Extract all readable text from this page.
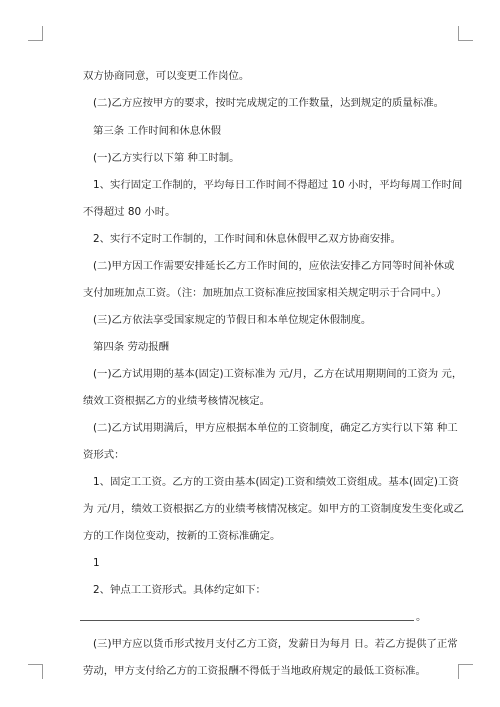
双方协商同意，可以变更工作岗位。
(二)乙方应按甲方的要求，按时完成规定的工作数量，达到规定的质量标准。
第三条 工作时间和休息休假
(一)乙方实行以下第 种工时制。
1、实行固定工作制的，平均每日工作时间不得超过 10 小时，平均每周工作时间
不得超过 80 小时。
2、实行不定时工作制的，工作时间和休息休假甲乙双方协商安排。
(二)甲方因工作需要安排延长乙方工作时间的，应依法安排乙方同等时间补休或
支付加班加点工资。（注：加班加点工资标准应按国家相关规定明示于合同中。）
(三)乙方依法享受国家规定的节假日和本单位规定休假制度。
第四条 劳动报酬
(一)乙方试用期的基本(固定)工资标准为 元/月，乙方在试用期期间的工资为 元，
绩效工资根据乙方的业绩考核情况核定。
(二)乙方试用期满后，甲方应根据本单位的工资制度，确定乙方实行以下第 种工
资形式：
1、固定工工资。乙方的工资由基本(固定)工资和绩效工资组成。基本(固定)工资
为 元/月，绩效工资根据乙方的业绩考核情况核定。如甲方的工资制度发生变化或乙
方的工作岗位变动，按新的工资标准确定。
1
2、钟点工工资形式。具体约定如下：
。
(三)甲方应以货币形式按月支付乙方工资，发薪日为每月 日。若乙方提供了正常
劳动，甲方支付给乙方的工资报酬不得低于当地政府规定的最低工资标准。
